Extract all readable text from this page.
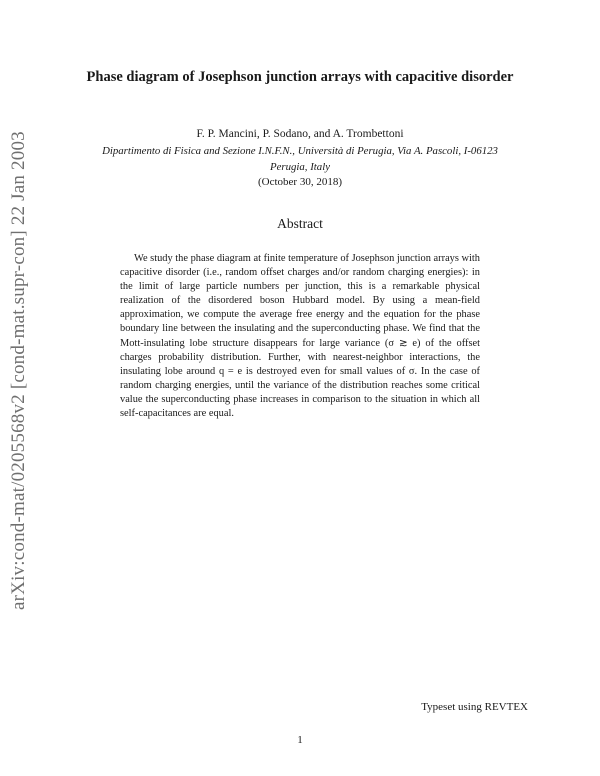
arXiv:cond-mat/0205568v2 [cond-mat.supr-con] 22 Jan 2003
Phase diagram of Josephson junction arrays with capacitive disorder
F. P. Mancini, P. Sodano, and A. Trombettoni
Dipartimento di Fisica and Sezione I.N.F.N., Università di Perugia, Via A. Pascoli, I-06123 Perugia, Italy
(October 30, 2018)
Abstract

We study the phase diagram at finite temperature of Josephson junction arrays with capacitive disorder (i.e., random offset charges and/or random charging energies): in the limit of large particle numbers per junction, this is a remarkable physical realization of the disordered boson Hubbard model. By using a mean-field approximation, we compute the average free energy and the equation for the phase boundary line between the insulating and the superconducting phase. We find that the Mott-insulating lobe structure disappears for large variance (σ ≳ e) of the offset charges probability distribution. Further, with nearest-neighbor interactions, the insulating lobe around q = e is destroyed even for small values of σ. In the case of random charging energies, until the variance of the distribution reaches some critical value the superconducting phase increases in comparison to the situation in which all self-capacitances are equal.

Typeset using REVTEX
1
